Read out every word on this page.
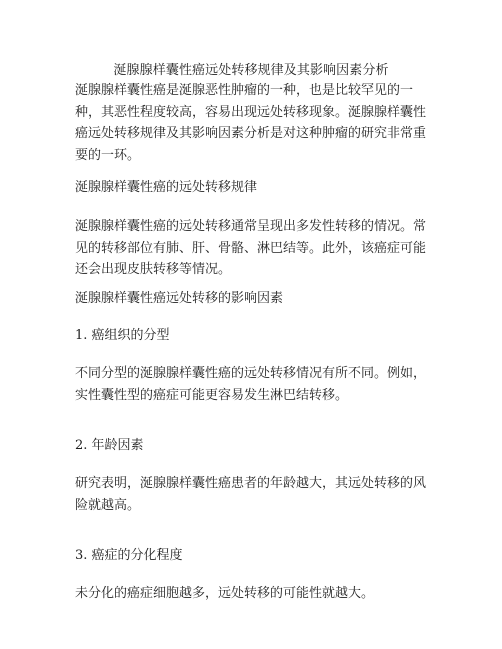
涎腺腺样囊性癌远处转移规律及其影响因素分析

涎腺腺样囊性癌是涎腺恶性肿瘤的一种，也是比较罕见的一种，其恶性程度较高，容易出现远处转移现象。涎腺腺样囊性癌远处转移规律及其影响因素分析是对这种肿瘤的研究非常重要的一环。

涎腺腺样囊性癌的远处转移规律

涎腺腺样囊性癌的远处转移通常呈现出多发性转移的情况。常见的转移部位有肺、肝、骨骼、淋巴结等。此外，该癌症可能还会出现皮肤转移等情况。

涎腺腺样囊性癌远处转移的影响因素

1. 癌组织的分型

不同分型的涎腺腺样囊性癌的远处转移情况有所不同。例如，实性囊性型的癌症可能更容易发生淋巴结转移。

2. 年龄因素

研究表明，涎腺腺样囊性癌患者的年龄越大，其远处转移的风险就越高。

3. 癌症的分化程度

未分化的癌症细胞越多，远处转移的可能性就越大。
